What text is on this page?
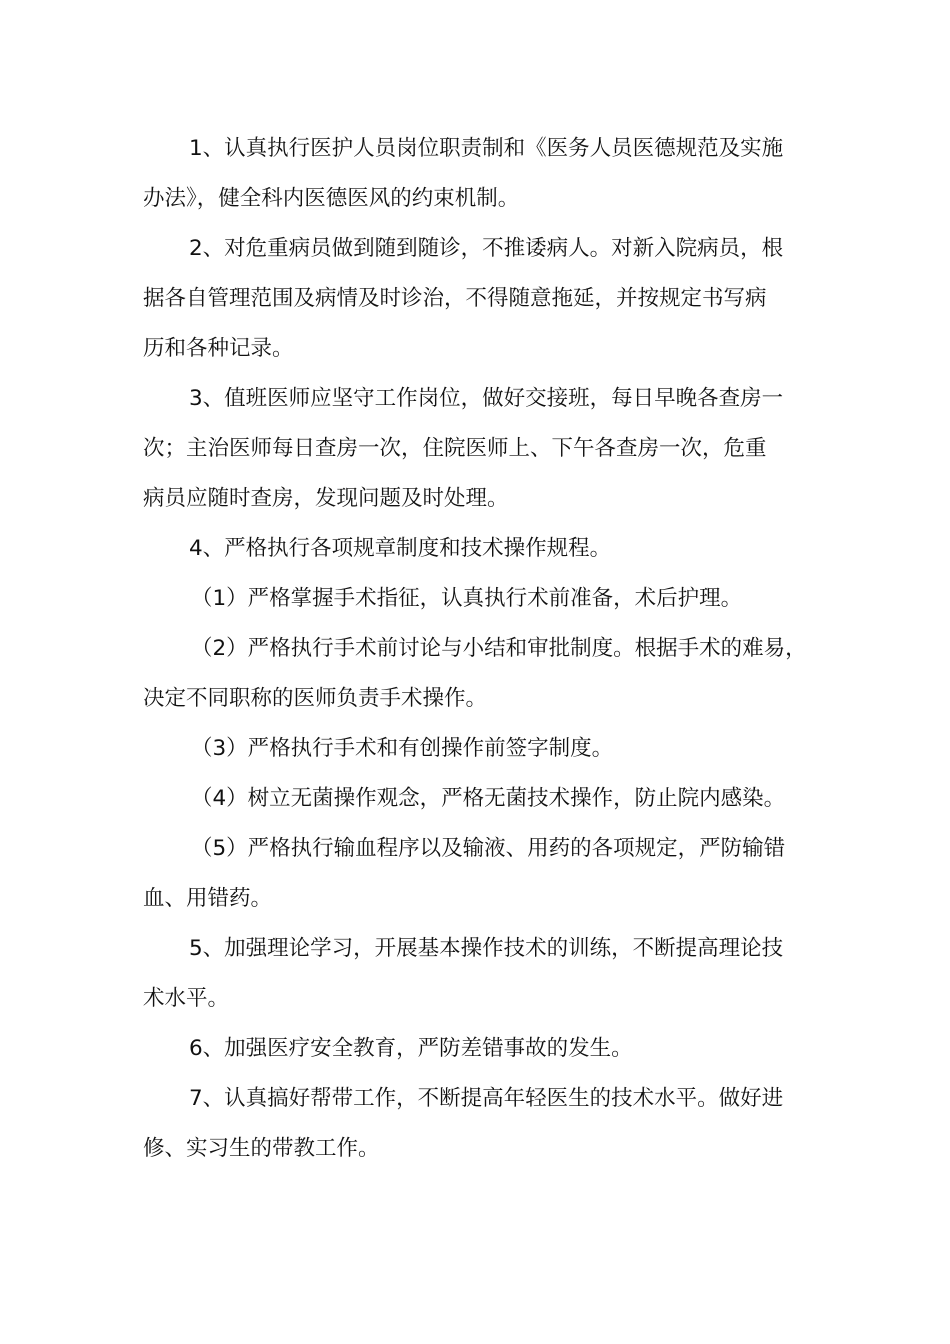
1、认真执行医护人员岗位职责制和《医务人员医德规范及实施
办法》，健全科内医德医风的约束机制。
2、对危重病员做到随到随诊，不推诿病人。对新入院病员，根
据各自管理范围及病情及时诊治，不得随意拖延，并按规定书写病
历和各种记录。
3、值班医师应坚守工作岗位，做好交接班，每日早晚各查房一
次；主治医师每日查房一次，住院医师上、下午各查房一次，危重
病员应随时查房，发现问题及时处理。
4、严格执行各项规章制度和技术操作规程。
（1）严格掌握手术指征，认真执行术前准备，术后护理。
（2）严格执行手术前讨论与小结和审批制度。根据手术的难易，
决定不同职称的医师负责手术操作。
（3）严格执行手术和有创操作前签字制度。
（4）树立无菌操作观念，严格无菌技术操作，防止院内感染。
（5）严格执行输血程序以及输液、用药的各项规定，严防输错
血、用错药。
5、加强理论学习，开展基本操作技术的训练，不断提高理论技
术水平。
6、加强医疗安全教育，严防差错事故的发生。
7、认真搞好帮带工作，不断提高年轻医生的技术水平。做好进
修、实习生的带教工作。
